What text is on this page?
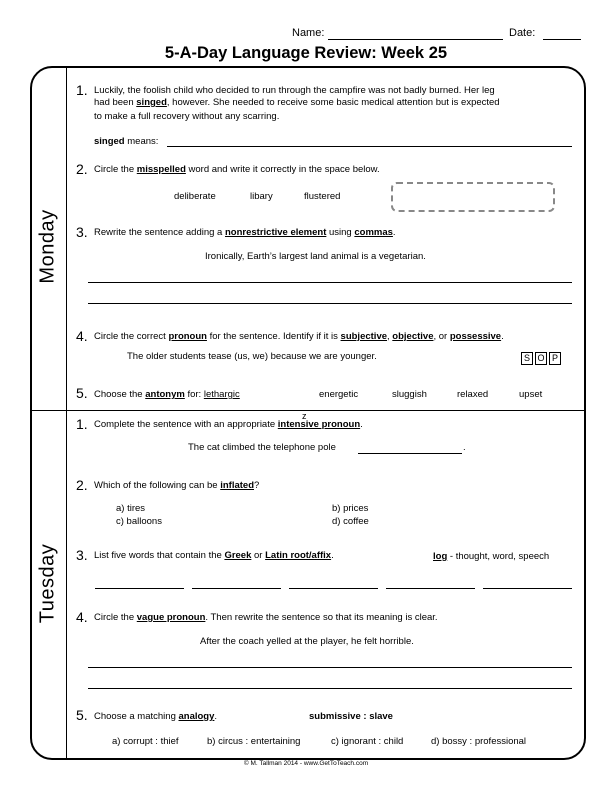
Name:	Date:
5-A-Day Language Review: Week 25
Monday
Tuesday
1. Luckily, the foolish child who decided to run through the campfire was not badly burned. Her leg
had been singed, however. She needed to receive some basic medical attention but is expected
to make a full recovery without any scarring.
singed means:
2. Circle the misspelled word and write it correctly in the space below.
deliberate	libary	flustered
3. Rewrite the sentence adding a nonrestrictive element using commas.
Ironically, Earth’s largest land animal is a vegetarian.
4. Circle the correct pronoun for the sentence. Identify if it is subjective, objective, or possessive.
The older students tease (us, we) because we are younger.	S O P
5. Choose the antonym for: lethargic	energetic	sluggish	relaxed	upset
z
1. Complete the sentence with an appropriate intensive pronoun.
The cat climbed the telephone pole	.
2. Which of the following can be inflated?
a) tires	b) prices
c) balloons	d) coffee
3. List five words that contain the Greek or Latin root/affix.	log - thought, word, speech
4. Circle the vague pronoun. Then rewrite the sentence so that its meaning is clear.
After the coach yelled at the player, he felt horrible.
5. Choose a matching analogy.	submissive : slave
a) corrupt : thief	b) circus : entertaining	c) ignorant : child	d) bossy : professional
© M. Tallman 2014 - www.GetToTeach.com
